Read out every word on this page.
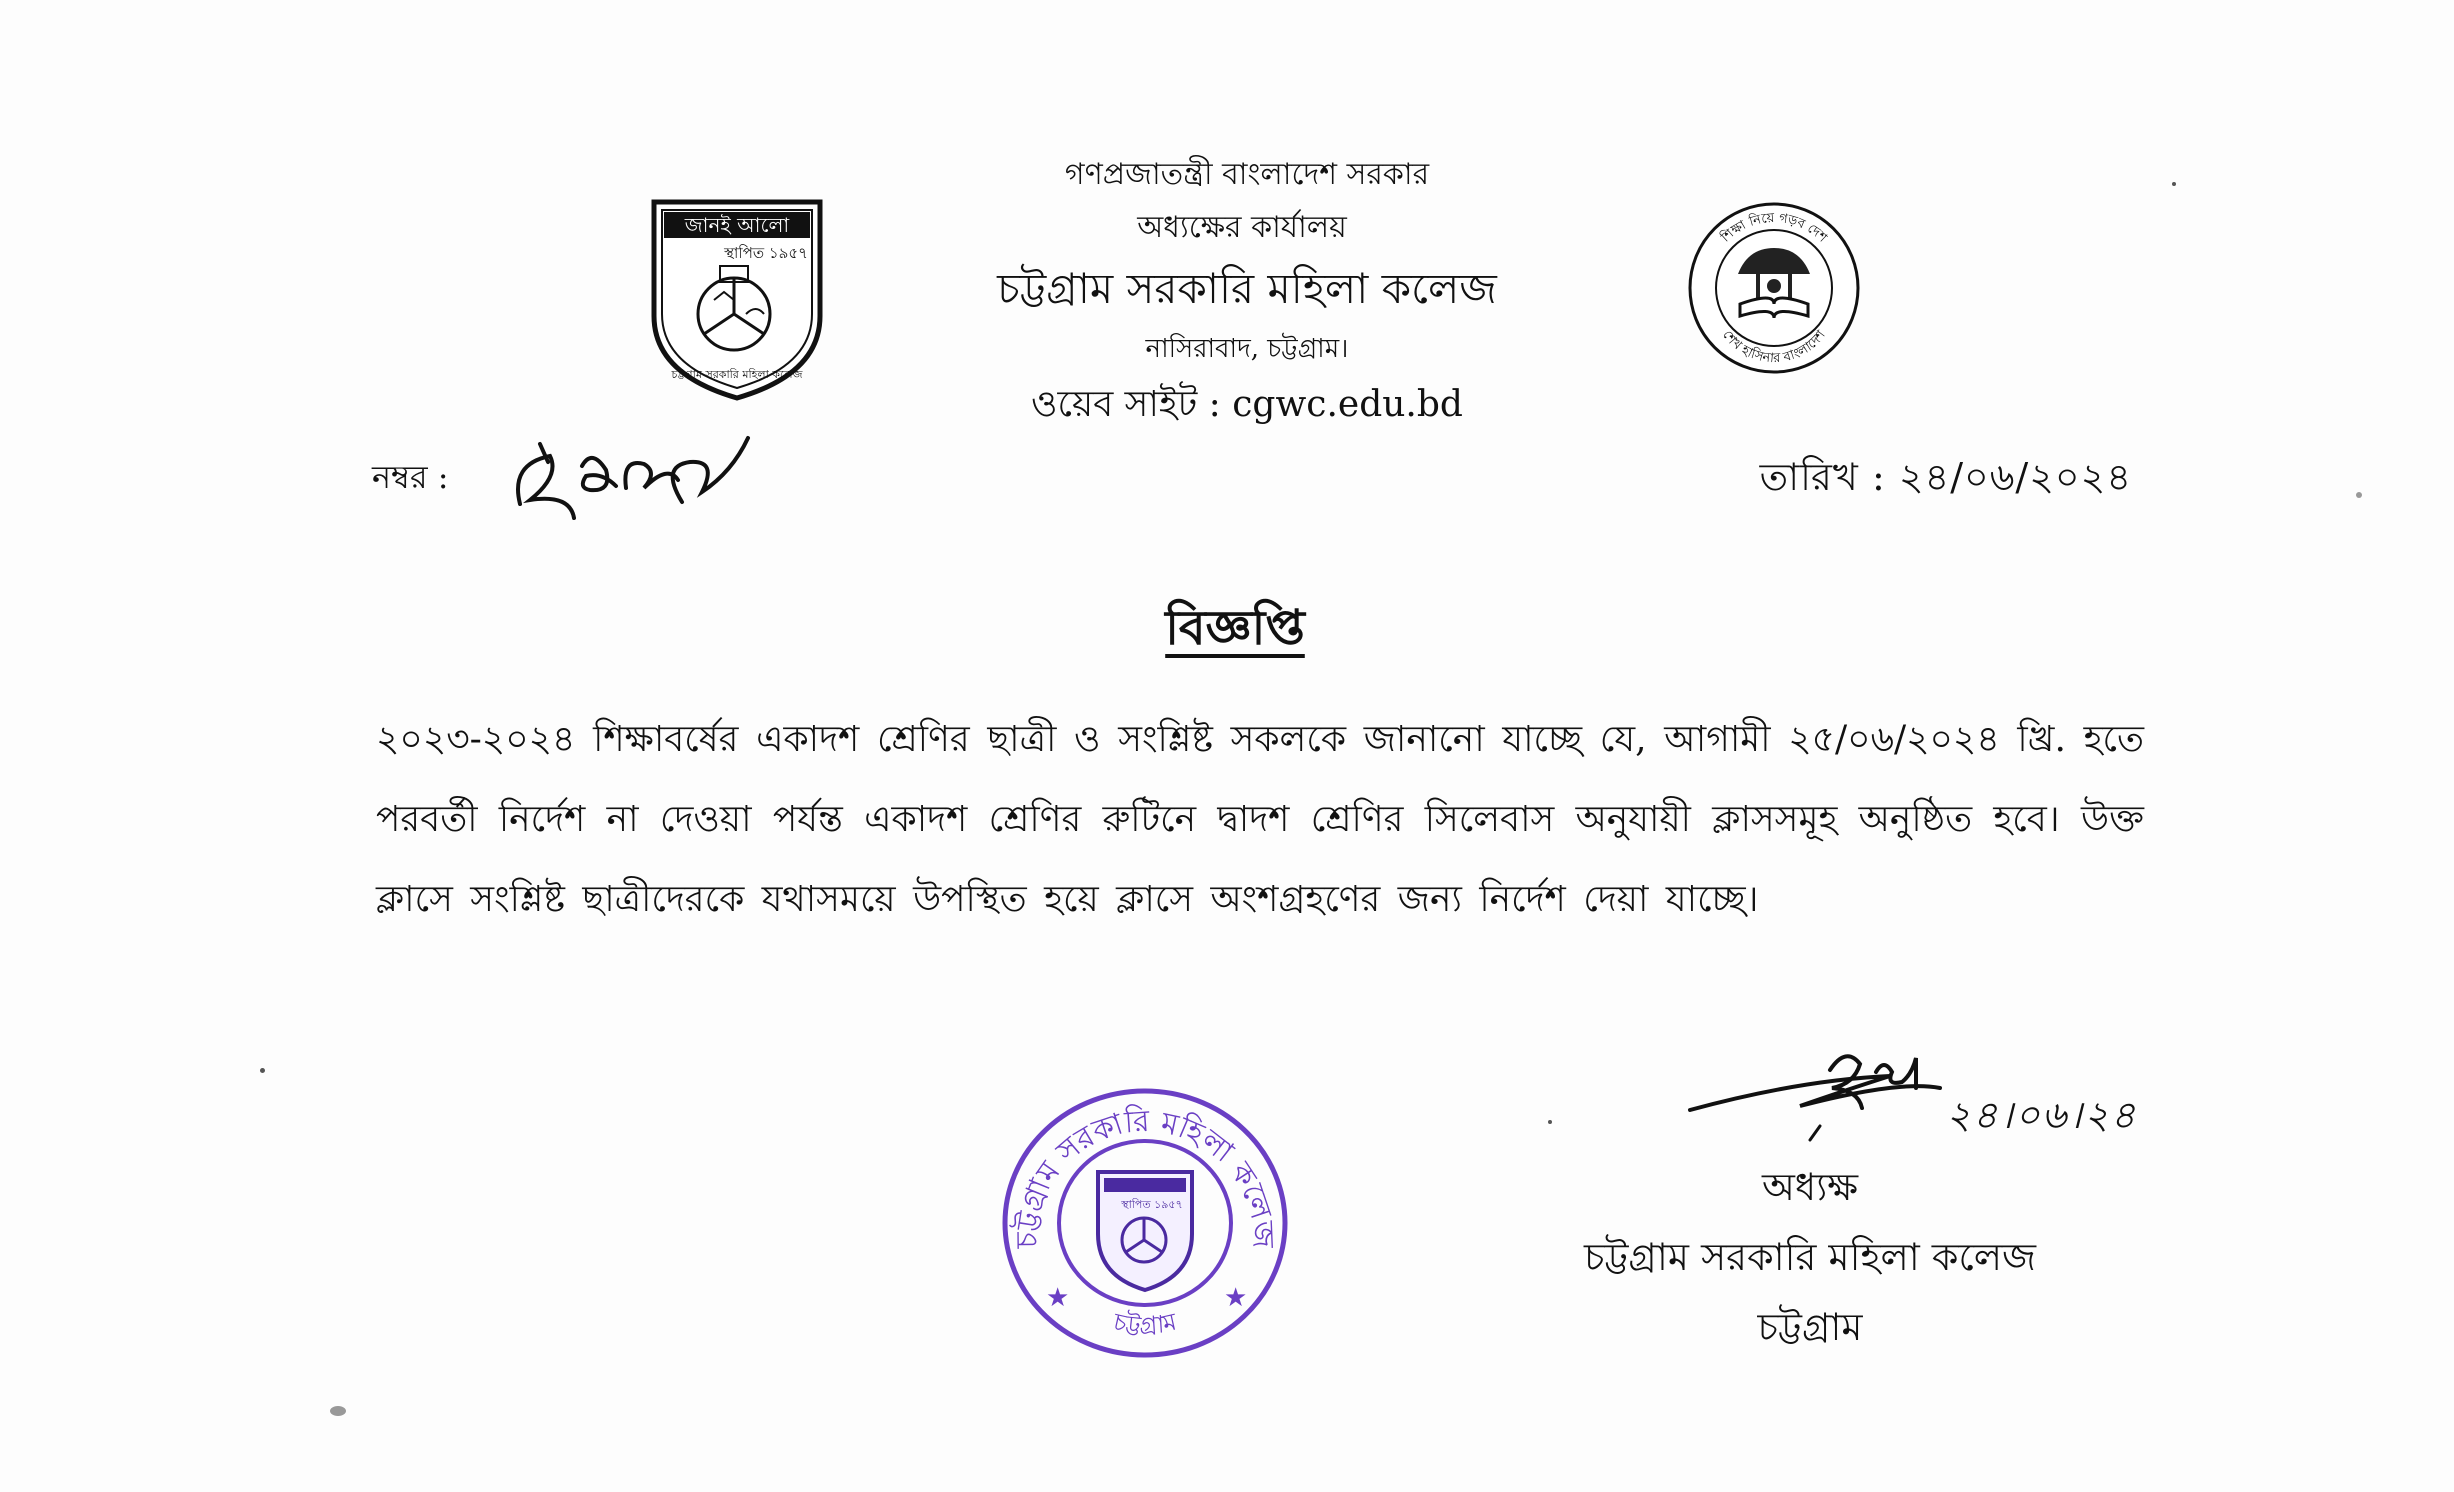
জানই আলো
স্থাপিত ১৯৫৭
চট্টগ্রাম সরকারি মহিলা কলেজ
শিক্ষা নিয়ে গড়ব দেশ
শেখ হাসিনার বাংলাদেশ
গণপ্রজাতন্ত্রী বাংলাদেশ সরকার
অধ্যক্ষের কার্যালয়
চট্টগ্রাম সরকারি মহিলা কলেজ
নাসিরাবাদ, চট্টগ্রাম।
ওয়েব সাইট : cgwc.edu.bd
নম্বর :	তারিখ : ২৪/০৬/২০২৪
বিজ্ঞপ্তি
২০২৩-২০২৪ শিক্ষাবর্ষের একাদশ শ্রেণির ছাত্রী ও সংশ্লিষ্ট সকলকে জানানো যাচ্ছে যে, আগামী ২৫/০৬/২০২৪ খ্রি. হতে পরবর্তী নির্দেশ না দেওয়া পর্যন্ত একাদশ শ্রেণির রুটিনে দ্বাদশ শ্রেণির সিলেবাস অনুযায়ী ক্লাসসমূহ অনুষ্ঠিত হবে। উক্ত ক্লাসে সংশ্লিষ্ট ছাত্রীদেরকে যথাসময়ে উপস্থিত হয়ে ক্লাসে অংশগ্রহণের জন্য নির্দেশ দেয়া যাচ্ছে।
চট্টগ্রাম সরকারি মহিলা কলেজ
চট্টগ্রাম
★	★
স্থাপিত ১৯৫৭
২৪।০৬।২৪
অধ্যক্ষ
চট্টগ্রাম সরকারি মহিলা কলেজ
চট্টগ্রাম
